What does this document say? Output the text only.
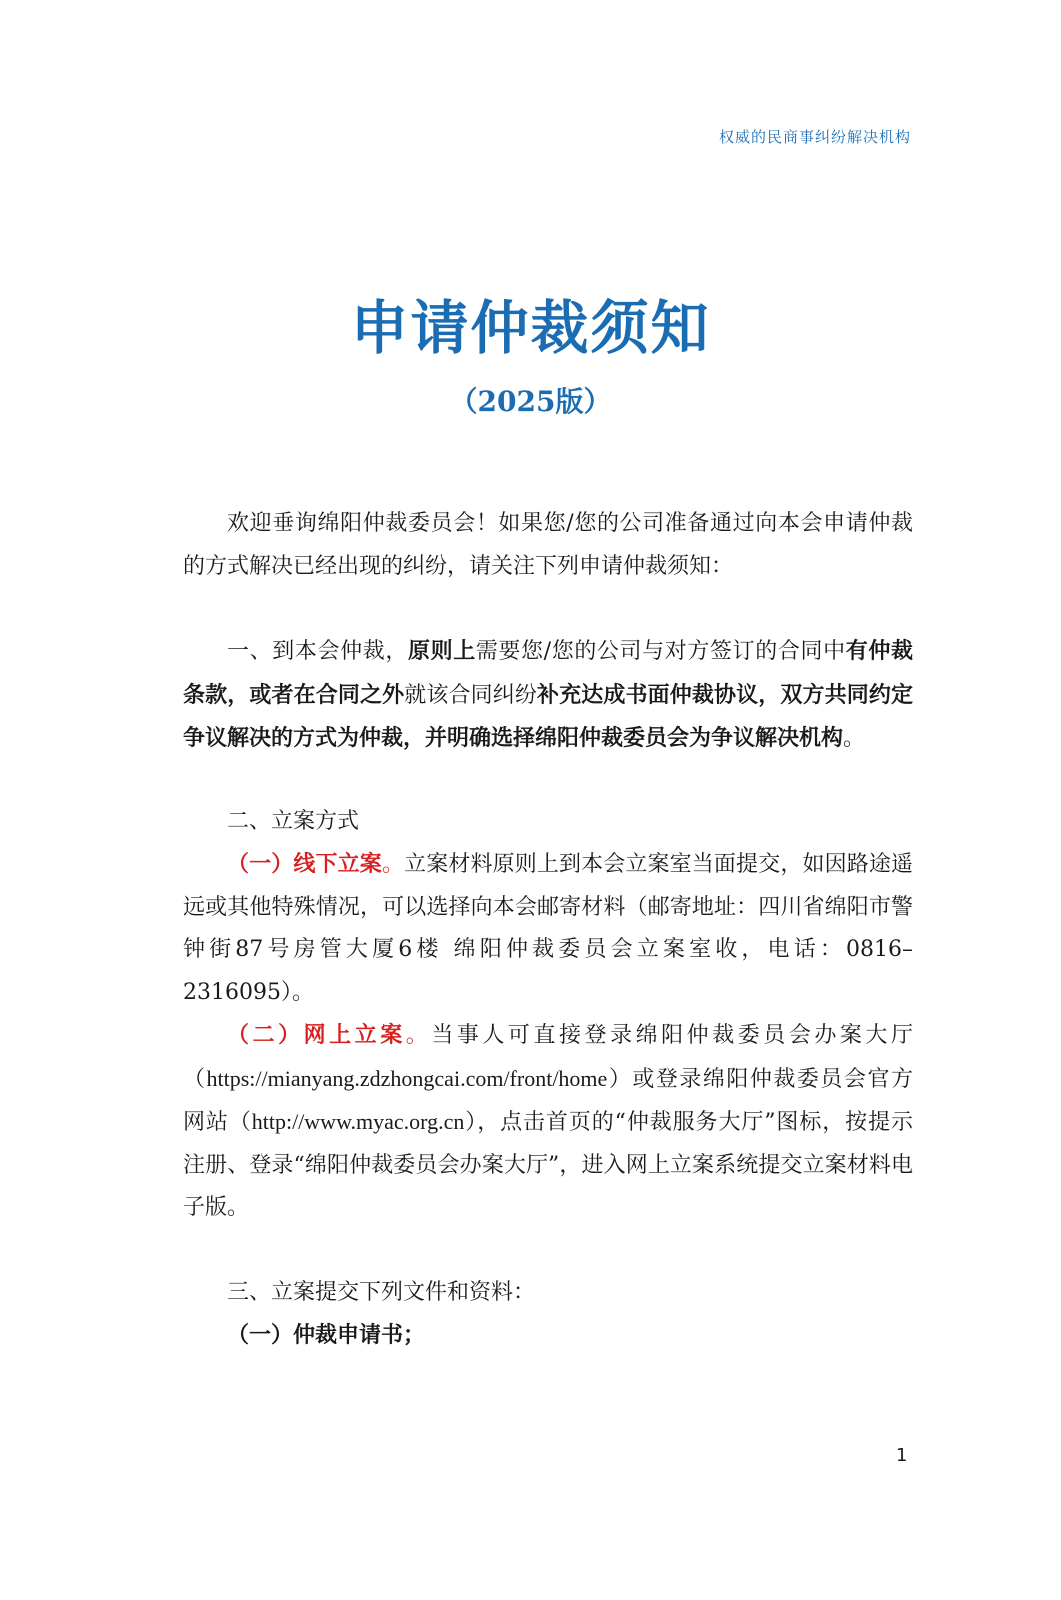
权威的民商事纠纷解决机构
申请仲裁须知
（2025版）

欢迎垂询绵阳仲裁委员会！如果您/您的公司准备通过向本会申请仲裁的方式解决已经出现的纠纷，请关注下列申请仲裁须知：

一、到本会仲裁，原则上需要您/您的公司与对方签订的合同中有仲裁条款，或者在合同之外就该合同纠纷补充达成书面仲裁协议，双方共同约定争议解决的方式为仲裁，并明确选择绵阳仲裁委员会为争议解决机构。

二、立案方式

（一）线下立案。立案材料原则上到本会立案室当面提交，如因路途遥远或其他特殊情况，可以选择向本会邮寄材料（邮寄地址：四川省绵阳市警钟街87号房管大厦6楼 绵阳仲裁委员会立案室收，电话：0816–2316095）。

（二）网上立案。当事人可直接登录绵阳仲裁委员会办案大厅（https://mianyang.zdzhongcai.com/front/home）或登录绵阳仲裁委员会官方网站（http://www.myac.org.cn），点击首页的“仲裁服务大厅”图标，按提示注册、登录“绵阳仲裁委员会办案大厅”，进入网上立案系统提交立案材料电子版。

三、立案提交下列文件和资料：

（一）仲裁申请书；

1
